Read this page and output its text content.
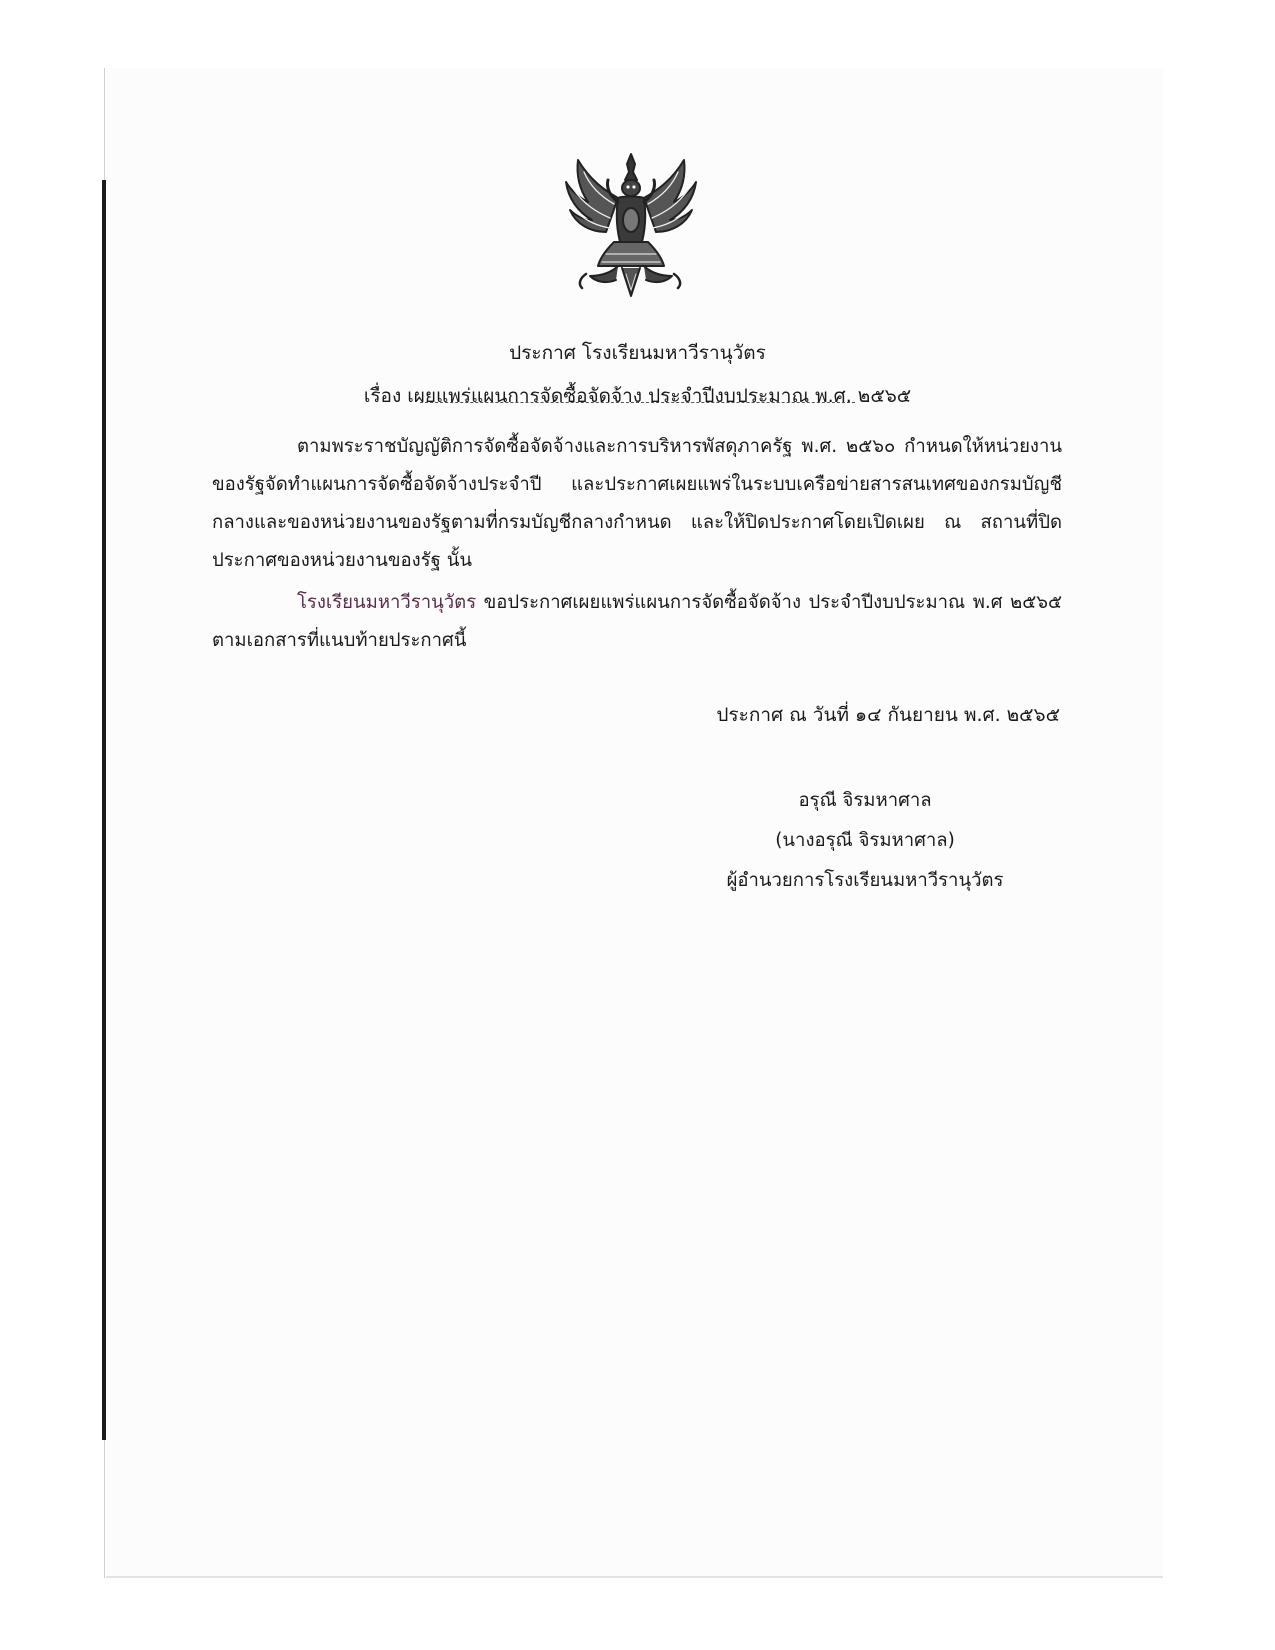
ประกาศ โรงเรียนมหาวีรานุวัตร
เรื่อง เผยแพร่แผนการจัดซื้อจัดจ้าง ประจำปีงบประมาณ พ.ศ. ๒๕๖๕

ตามพระราชบัญญัติการจัดซื้อจัดจ้างและการบริหารพัสดุภาครัฐ พ.ศ. ๒๕๖๐ กำหนดให้หน่วยงานของรัฐจัดทำแผนการจัดซื้อจัดจ้างประจำปี และประกาศเผยแพร่ในระบบเครือข่ายสารสนเทศของกรมบัญชีกลางและของหน่วยงานของรัฐตามที่กรมบัญชีกลางกำหนด และให้ปิดประกาศโดยเปิดเผย ณ สถานที่ปิดประกาศของหน่วยงานของรัฐ นั้น

โรงเรียนมหาวีรานุวัตร ขอประกาศเผยแพร่แผนการจัดซื้อจัดจ้าง ประจำปีงบประมาณ พ.ศ ๒๕๖๕ ตามเอกสารที่แนบท้ายประกาศนี้

ประกาศ ณ วันที่ ๑๔ กันยายน พ.ศ. ๒๕๖๕
อรุณี จิรมหาศาล
(นางอรุณี จิรมหาศาล)
ผู้อำนวยการโรงเรียนมหาวีรานุวัตร
